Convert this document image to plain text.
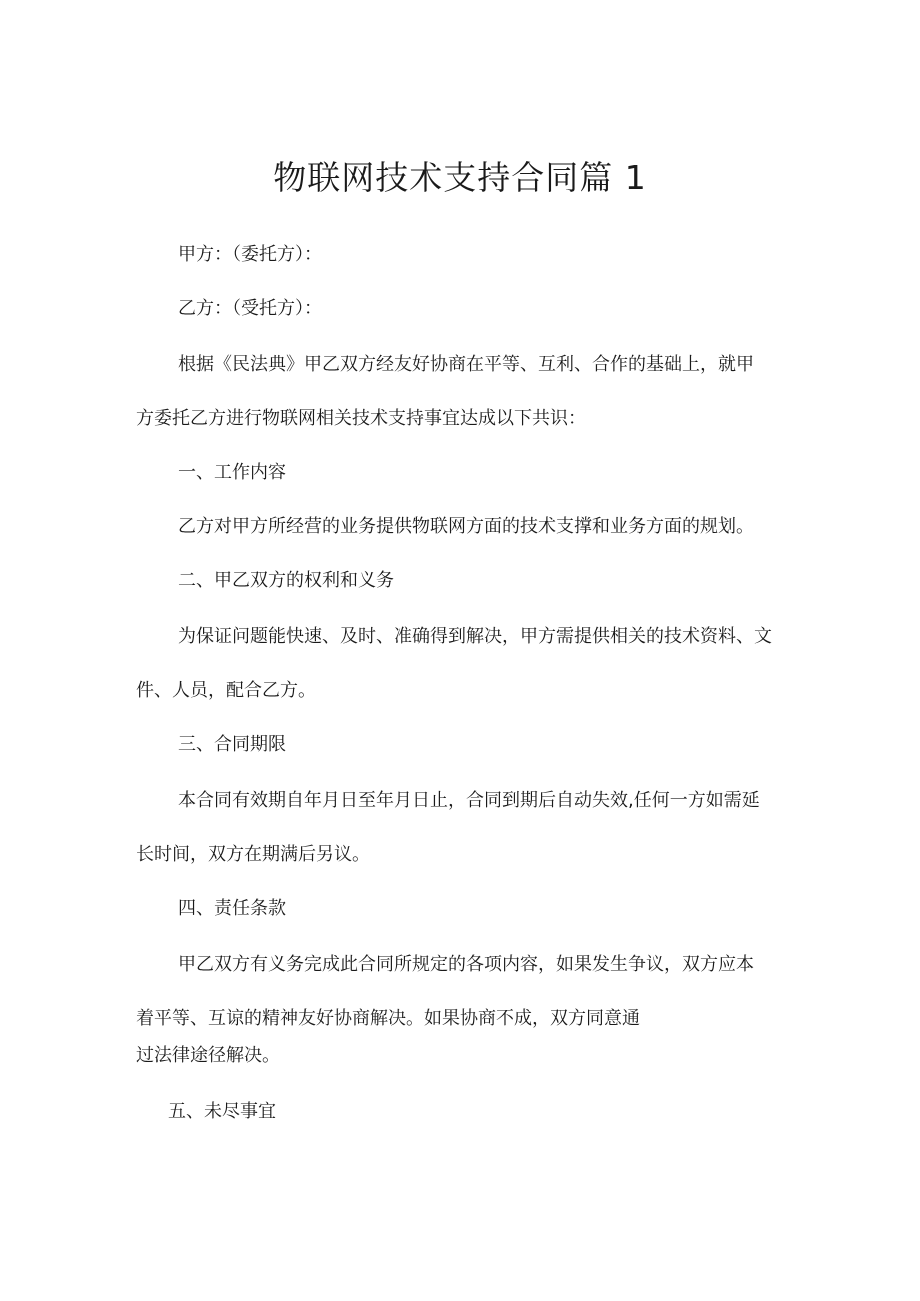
物联网技术支持合同篇 1

甲方：（委托方）：

乙方：（受托方）：

根据《民法典》甲乙双方经友好协商在平等、互利、合作的基础上，就甲

方委托乙方进行物联网相关技术支持事宜达成以下共识：

一、工作内容

乙方对甲方所经营的业务提供物联网方面的技术支撑和业务方面的规划。

二、甲乙双方的权利和义务

为保证问题能快速、及时、准确得到解决，甲方需提供相关的技术资料、文

件、人员，配合乙方。

三、合同期限

本合同有效期自年月日至年月日止，合同到期后自动失效,任何一方如需延

长时间，双方在期满后另议。

四、责任条款

甲乙双方有义务完成此合同所规定的各项内容，如果发生争议，双方应本

着平等、互谅的精神友好协商解决。如果协商不成，双方同意通

过法律途径解决。

五、未尽事宜
